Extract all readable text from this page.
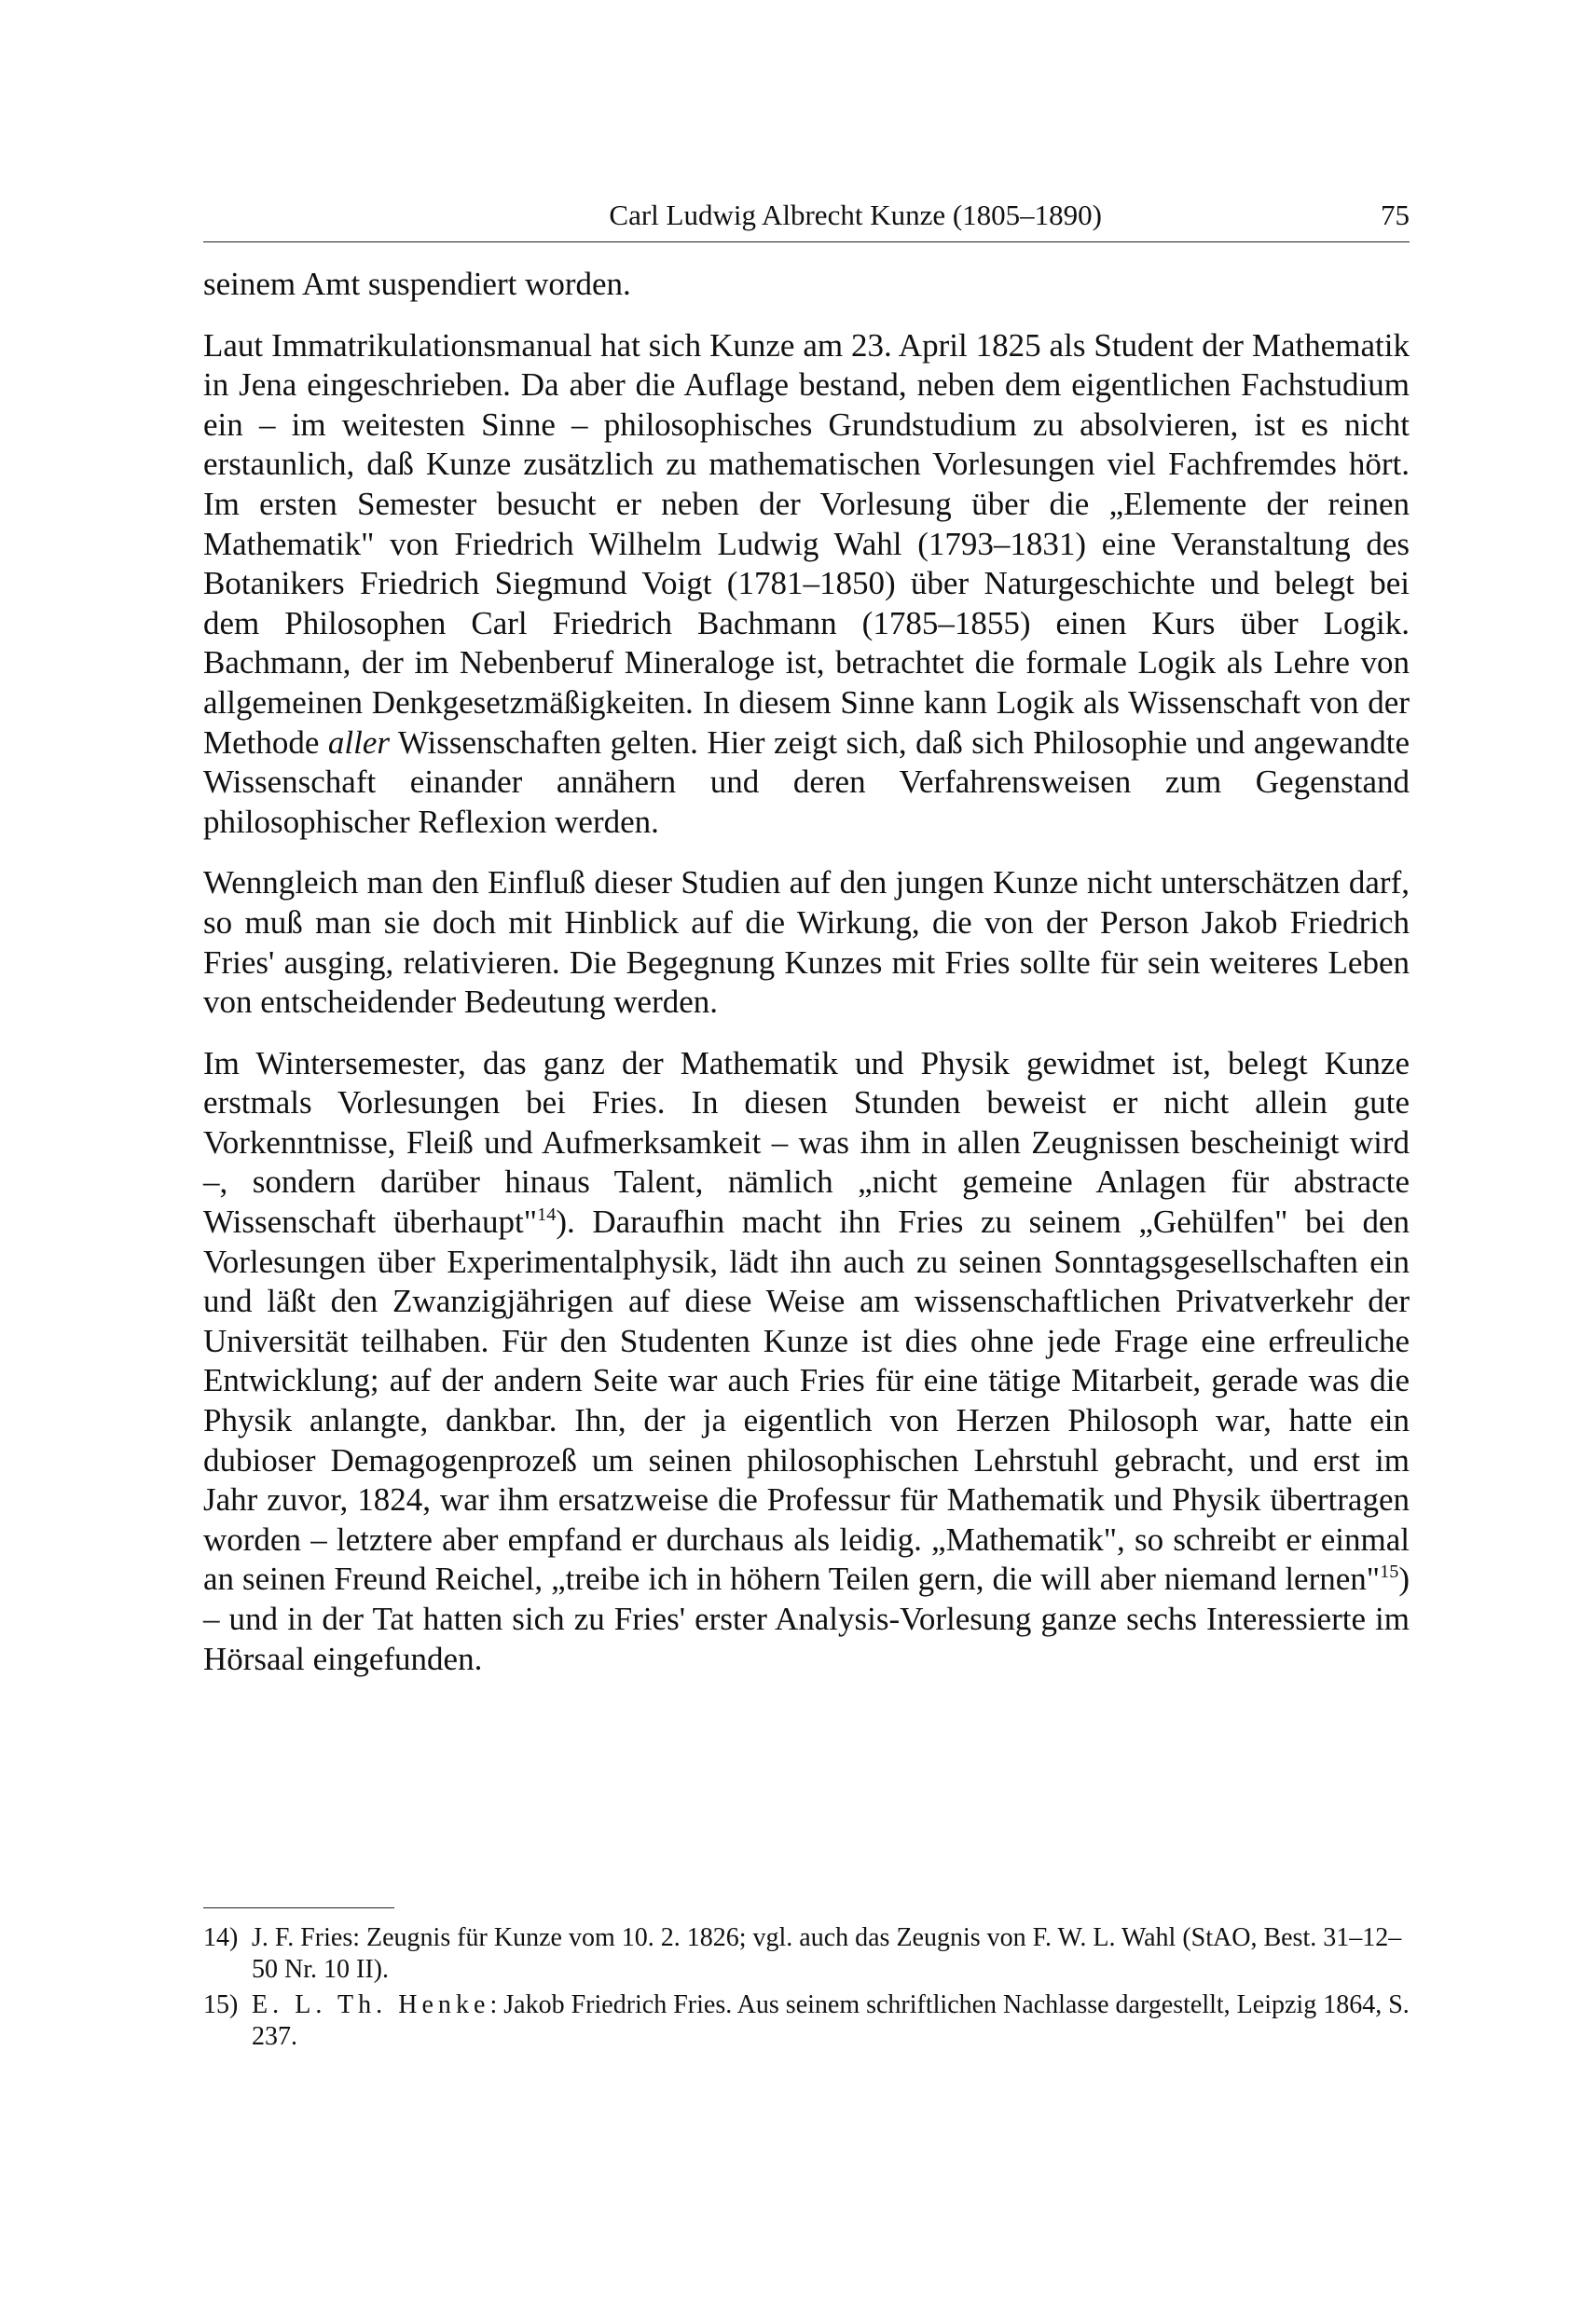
Carl Ludwig Albrecht Kunze (1805–1890)	75

seinem Amt suspendiert worden.

Laut Immatrikulationsmanual hat sich Kunze am 23. April 1825 als Student der Mathematik in Jena eingeschrieben. Da aber die Auflage bestand, neben dem eigentlichen Fachstudium ein – im weitesten Sinne – philosophisches Grundstudium zu absolvieren, ist es nicht erstaunlich, daß Kunze zusätzlich zu mathematischen Vorlesungen viel Fachfremdes hört. Im ersten Semester besucht er neben der Vorlesung über die „Elemente der reinen Mathematik" von Friedrich Wilhelm Ludwig Wahl (1793–1831) eine Veranstaltung des Botanikers Friedrich Siegmund Voigt (1781–1850) über Naturgeschichte und belegt bei dem Philosophen Carl Friedrich Bachmann (1785–1855) einen Kurs über Logik. Bachmann, der im Nebenberuf Mineraloge ist, betrachtet die formale Logik als Lehre von allgemeinen Denkgesetzmäßigkeiten. In diesem Sinne kann Logik als Wissenschaft von der Methode aller Wissenschaften gelten. Hier zeigt sich, daß sich Philosophie und angewandte Wissenschaft einander annähern und deren Verfahrensweisen zum Gegenstand philosophischer Reflexion werden.

Wenngleich man den Einfluß dieser Studien auf den jungen Kunze nicht unterschätzen darf, so muß man sie doch mit Hinblick auf die Wirkung, die von der Person Jakob Friedrich Fries' ausging, relativieren. Die Begegnung Kunzes mit Fries sollte für sein weiteres Leben von entscheidender Bedeutung werden.

Im Wintersemester, das ganz der Mathematik und Physik gewidmet ist, belegt Kunze erstmals Vorlesungen bei Fries. In diesen Stunden beweist er nicht allein gute Vorkenntnisse, Fleiß und Aufmerksamkeit – was ihm in allen Zeugnissen bescheinigt wird –, sondern darüber hinaus Talent, nämlich „nicht gemeine Anlagen für abstracte Wissenschaft überhaupt"$^{14}$). Daraufhin macht ihn Fries zu seinem „Gehülfen" bei den Vorlesungen über Experimentalphysik, lädt ihn auch zu seinen Sonntagsgesellschaften ein und läßt den Zwanzigjährigen auf diese Weise am wissenschaftlichen Privatverkehr der Universität teilhaben. Für den Studenten Kunze ist dies ohne jede Frage eine erfreuliche Entwicklung; auf der andern Seite war auch Fries für eine tätige Mitarbeit, gerade was die Physik anlangte, dankbar. Ihn, der ja eigentlich von Herzen Philosoph war, hatte ein dubioser Demagogenprozeß um seinen philosophischen Lehrstuhl gebracht, und erst im Jahr zuvor, 1824, war ihm ersatzweise die Professur für Mathematik und Physik übertragen worden – letztere aber empfand er durchaus als leidig. „Mathematik", so schreibt er einmal an seinen Freund Reichel, „treibe ich in höhern Teilen gern, die will aber niemand lernen"$^{15}$) – und in der Tat hatten sich zu Fries' erster Analysis-Vorlesung ganze sechs Interessierte im Hörsaal eingefunden.

14) J. F. Fries: Zeugnis für Kunze vom 10. 2. 1826; vgl. auch das Zeugnis von F. W. L. Wahl (StAO, Best. 31–12–50 Nr. 10 II).
15) E. L. Th. Henke: Jakob Friedrich Fries. Aus seinem schriftlichen Nachlasse dargestellt, Leipzig 1864, S. 237.
